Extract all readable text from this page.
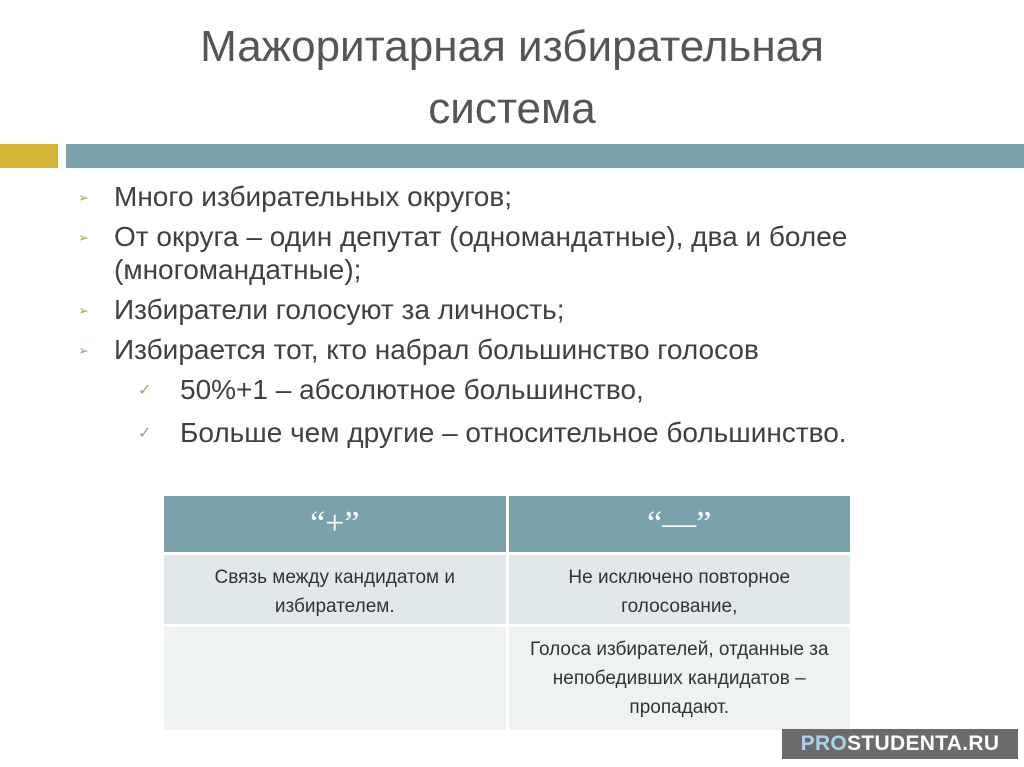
Мажоритарная избирательная
система
➢ Много избирательных округов;
➢ От округа – один депутат (одномандатные), два и более (многомандатные);
➢ Избиратели голосуют за личность;
➢ Избирается тот, кто набрал большинство голосов
✓ 50%+1 – абсолютное большинство,
✓ Больше чем другие – относительное большинство.
“+”	“—”
Связь между кандидатом и избирателем.	Не исключено повторное голосование,
	Голоса избирателей, отданные за непобедивших кандидатов – пропадают.
PROSTUDENTA.RU
